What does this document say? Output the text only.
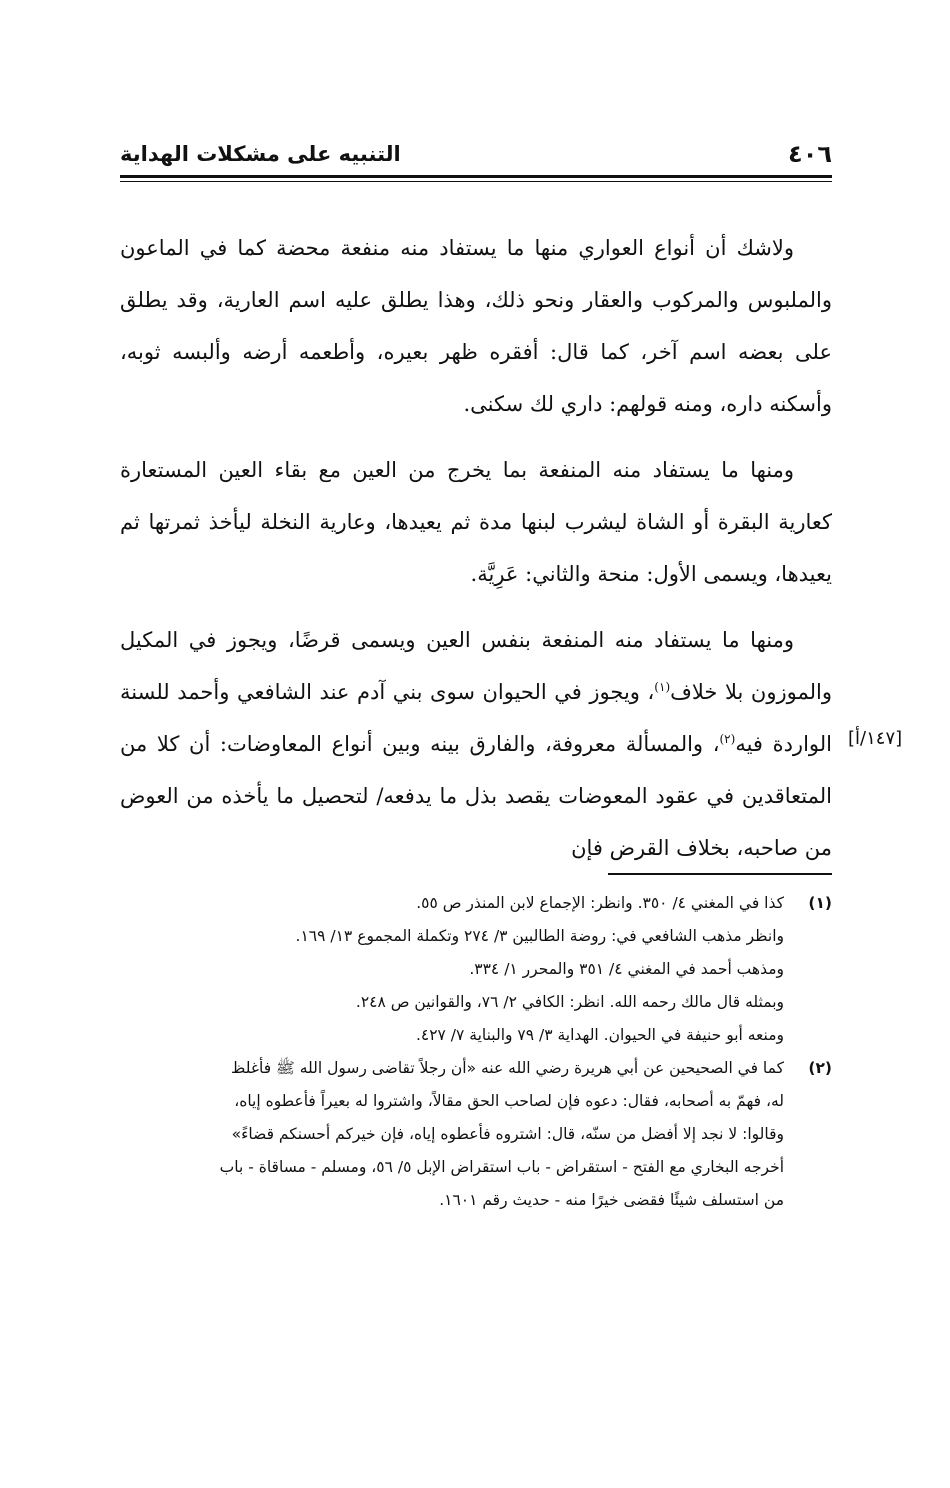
٤٠٦
التنبيه على مشكلات الهداية

ولاشك أن أنواع العواري منها ما يستفاد منه منفعة محضة كما في الماعون والملبوس والمركوب والعقار ونحو ذلك، وهذا يطلق عليه اسم العارية، وقد يطلق على بعضه اسم آخر، كما قال: أفقره ظهر بعيره، وأطعمه أرضه وألبسه ثوبه، وأسكنه داره، ومنه قولهم: داري لك سكنى.

ومنها ما يستفاد منه المنفعة بما يخرج من العين مع بقاء العين المستعارة كعارية البقرة أو الشاة ليشرب لبنها مدة ثم يعيدها، وعارية النخلة ليأخذ ثمرتها ثم يعيدها، ويسمى الأول: منحة والثاني: عَرِيَّة.

ومنها ما يستفاد منه المنفعة بنفس العين ويسمى قرضًا، ويجوز في المكيل والموزون بلا خلاف$^{(١)}$، ويجوز في الحيوان سوى بني آدم عند الشافعي وأحمد للسنة الواردة فيه$^{(٢)}$، والمسألة معروفة، والفارق بينه وبين أنواع المعاوضات: أن كلا من المتعاقدين في عقود المعوضات يقصد بذل ما يدفعه/ لتحصيل ما يأخذه من العوض من صاحبه، بخلاف القرض فإن

[١٤٧/أ]
(١)
كذا في المغني ٤/ ٣٥٠. وانظر: الإجماع لابن المنذر ص ٥٥.
وانظر مذهب الشافعي في: روضة الطالبين ٣/ ٢٧٤ وتكملة المجموع ١٣/ ١٦٩.
ومذهب أحمد في المغني ٤/ ٣٥١ والمحرر ١/ ٣٣٤.
وبمثله قال مالك رحمه الله. انظر: الكافي ٢/ ٧٦، والقوانين ص ٢٤٨.
ومنعه أبو حنيفة في الحيوان. الهداية ٣/ ٧٩ والبناية ٧/ ٤٢٧.
(٢)
كما في الصحيحين عن أبي هريرة رضي الله عنه «أن رجلاً تقاضى رسول الله ﷺ فأغلظ
له، فهمّ به أصحابه، فقال: دعوه فإن لصاحب الحق مقالاً، واشتروا له بعيراً فأعطوه إياه،
وقالوا: لا نجد إلا أفضل من سنّه، قال: اشتروه فأعطوه إياه، فإن خيركم أحسنكم قضاءً»
أخرجه البخاري مع الفتح - استقراض - باب استقراض الإبل ٥/ ٥٦، ومسلم - مساقاة - باب
من استسلف شيئًا فقضى خيرًا منه - حديث رقم ١٦٠١.
